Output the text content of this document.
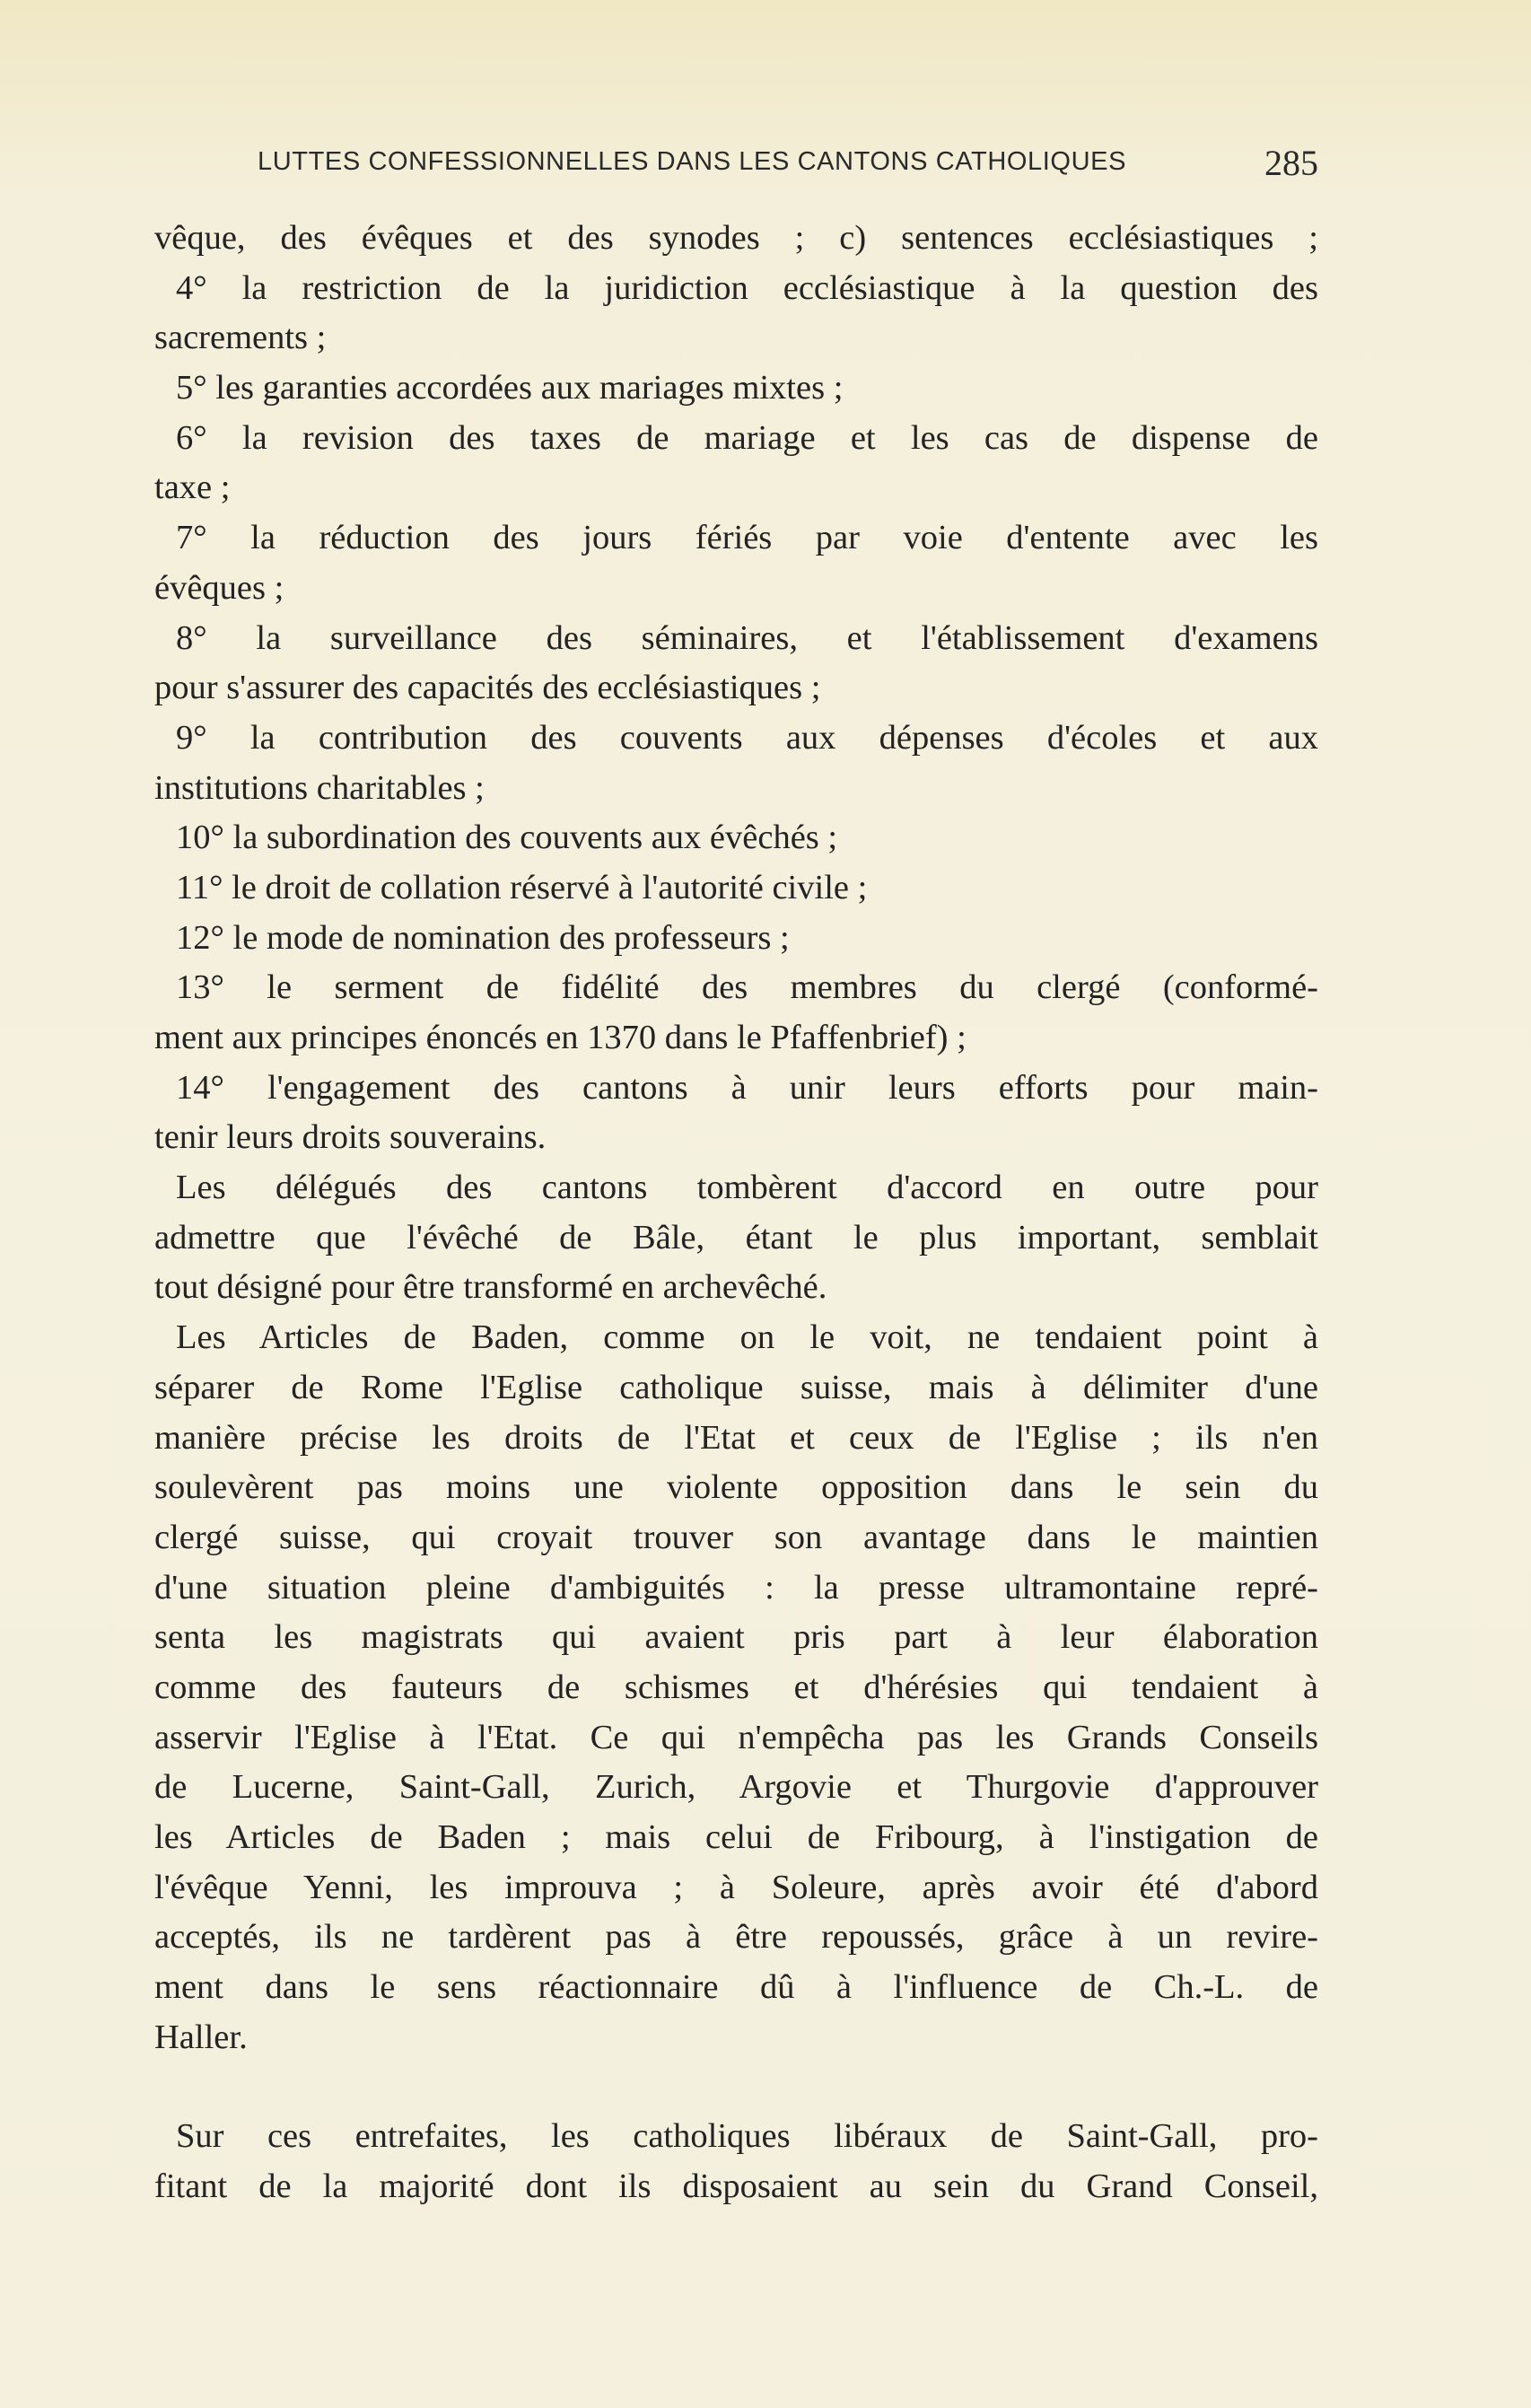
LUTTES CONFESSIONNELLES DANS LES CANTONS CATHOLIQUES	285
vêque, des évêques et des synodes ; c) sentences ecclésiastiques ;
4° la restriction de la juridiction ecclésiastique à la question des
sacrements ;
5° les garanties accordées aux mariages mixtes ;
6° la revision des taxes de mariage et les cas de dispense de
taxe ;
7° la réduction des jours fériés par voie d'entente avec les
évêques ;
8° la surveillance des séminaires, et l'établissement d'examens
pour s'assurer des capacités des ecclésiastiques ;
9° la contribution des couvents aux dépenses d'écoles et aux
institutions charitables ;
10° la subordination des couvents aux évêchés ;
11° le droit de collation réservé à l'autorité civile ;
12° le mode de nomination des professeurs ;
13° le serment de fidélité des membres du clergé (conformé-
ment aux principes énoncés en 1370 dans le Pfaffenbrief) ;
14° l'engagement des cantons à unir leurs efforts pour main-
tenir leurs droits souverains.
Les délégués des cantons tombèrent d'accord en outre pour
admettre que l'évêché de Bâle, étant le plus important, semblait
tout désigné pour être transformé en archevêché.
Les Articles de Baden, comme on le voit, ne tendaient point à
séparer de Rome l'Eglise catholique suisse, mais à délimiter d'une
manière précise les droits de l'Etat et ceux de l'Eglise ; ils n'en
soulevèrent pas moins une violente opposition dans le sein du
clergé suisse, qui croyait trouver son avantage dans le maintien
d'une situation pleine d'ambiguités : la presse ultramontaine repré-
senta les magistrats qui avaient pris part à leur élaboration
comme des fauteurs de schismes et d'hérésies qui tendaient à
asservir l'Eglise à l'Etat. Ce qui n'empêcha pas les Grands Conseils
de Lucerne, Saint-Gall, Zurich, Argovie et Thurgovie d'approuver
les Articles de Baden ; mais celui de Fribourg, à l'instigation de
l'évêque Yenni, les improuva ; à Soleure, après avoir été d'abord
acceptés, ils ne tardèrent pas à être repoussés, grâce à un revire-
ment dans le sens réactionnaire dû à l'influence de Ch.-L. de
Haller.
Sur ces entrefaites, les catholiques libéraux de Saint-Gall, pro-
fitant de la majorité dont ils disposaient au sein du Grand Conseil,
